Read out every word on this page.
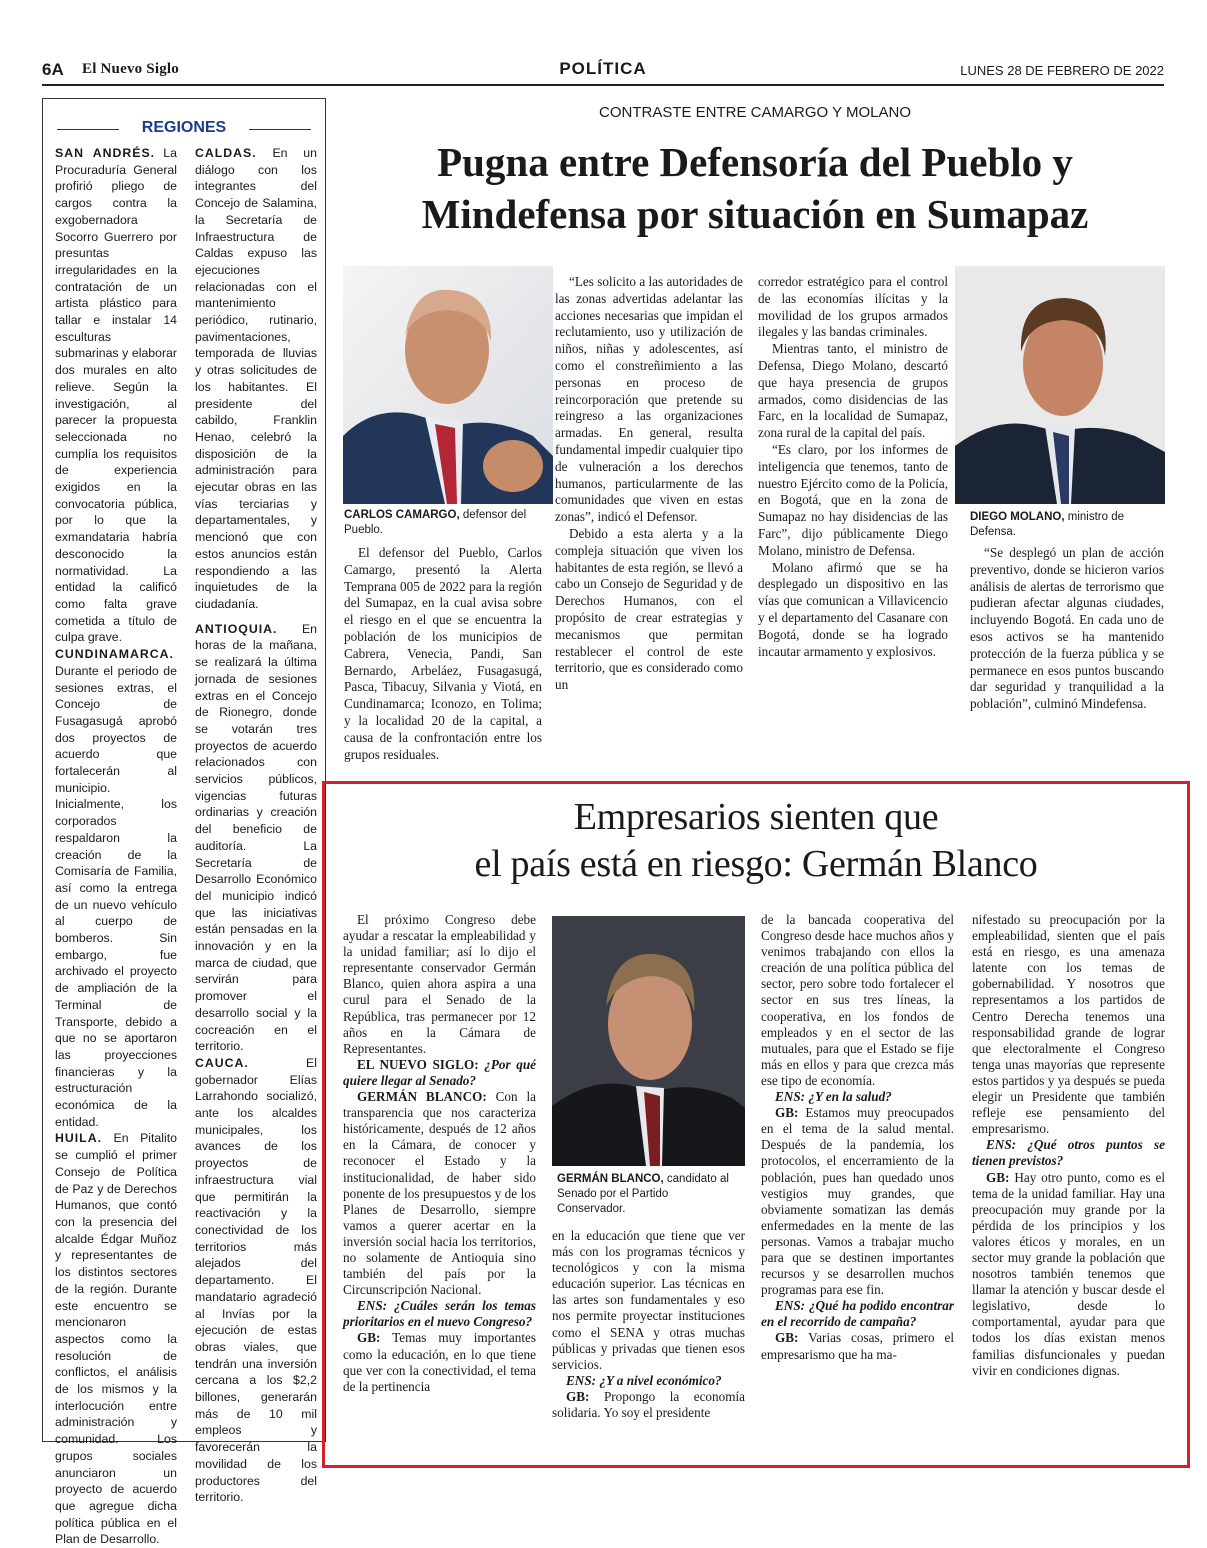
6A El Nuevo Siglo	POLÍTICA	LUNES 28 DE FEBRERO DE 2022
REGIONES

SAN ANDRÉS. La Procuraduría General profirió pliego de cargos contra la exgobernadora Socorro Guerrero por presuntas irregularidades en la contratación de un artista plástico para tallar e instalar 14 esculturas submarinas y elaborar dos murales en alto relieve. Según la investigación, al parecer la propuesta seleccionada no cumplía los requisitos de experiencia exigidos en la convocatoria pública, por lo que la exmandataria habría desconocido la normatividad. La entidad la calificó como falta grave cometida a título de culpa grave.

CUNDINAMARCA. Durante el periodo de sesiones extras, el Concejo de Fusagasugá aprobó dos proyectos de acuerdo que fortalecerán al municipio. Inicialmente, los corporados respaldaron la creación de la Comisaría de Familia, así como la entrega de un nuevo vehículo al cuerpo de bomberos. Sin embargo, fue archivado el proyecto de ampliación de la Terminal de Transporte, debido a que no se aportaron las proyecciones financieras y la estructuración económica de la entidad.

HUILA. En Pitalito se cumplió el primer Consejo de Política de Paz y de Derechos Humanos, que contó con la presencia del alcalde Édgar Muñoz y representantes de los distintos sectores de la región. Durante este encuentro se mencionaron aspectos como la resolución de conflictos, el análisis de los mismos y la interlocución entre administración y comunidad. Los grupos sociales anunciaron un proyecto de acuerdo que agregue dicha política pública en el Plan de Desarrollo.

CALDAS. En un diálogo con los integrantes del Concejo de Salamina, la Secretaría de Infraestructura de Caldas expuso las ejecuciones relacionadas con el mantenimiento periódico, rutinario, pavimentaciones, temporada de lluvias y otras solicitudes de los habitantes. El presidente del cabildo, Franklin Henao, celebró la disposición de la administración para ejecutar obras en las vías terciarias y departamentales, y mencionó que con estos anuncios están respondiendo a las inquietudes de la ciudadanía.

ANTIOQUIA. En horas de la mañana, se realizará la última jornada de sesiones extras en el Concejo de Rionegro, donde se votarán tres proyectos de acuerdo relacionados con servicios públicos, vigencias futuras ordinarias y creación del beneficio de auditoría. La Secretaría de Desarrollo Económico del municipio indicó que las iniciativas están pensadas en la innovación y en la marca de ciudad, que servirán para promover el desarrollo social y la cocreación en el territorio.

CAUCA. El gobernador Elías Larrahondo socializó, ante los alcaldes municipales, los avances de los proyectos de infraestructura vial que permitirán la reactivación y la conectividad de los territorios más alejados del departamento. El mandatario agradeció al Invías por la ejecución de estas obras viales, que tendrán una inversión cercana a los $2,2 billones, generarán más de 10 mil empleos y favorecerán la movilidad de los productores del territorio.

CONTRASTE ENTRE CAMARGO Y MOLANO
Pugna entre Defensoría del Pueblo y Mindefensa por situación en Sumapaz
CARLOS CAMARGO, defensor del Pueblo.

El defensor del Pueblo, Carlos Camargo, presentó la Alerta Temprana 005 de 2022 para la región del Sumapaz, en la cual avisa sobre el riesgo en el que se encuentra la población de los municipios de Cabrera, Venecia, Pandi, San Bernardo, Arbeláez, Fusagasugá, Pasca, Tibacuy, Silvania y Viotá, en Cundinamarca; Iconozo, en Tolima; y la localidad 20 de la capital, a causa de la confrontación entre los grupos residuales.

“Les solicito a las autoridades de las zonas advertidas adelantar las acciones necesarias que impidan el reclutamiento, uso y utilización de niños, niñas y adolescentes, así como el constreñimiento a las personas en proceso de reincorporación que pretende su reingreso a las organizaciones armadas. En general, resulta fundamental impedir cualquier tipo de vulneración a los derechos humanos, particularmente de las comunidades que viven en estas zonas”, indicó el Defensor.

Debido a esta alerta y a la compleja situación que viven los habitantes de esta región, se llevó a cabo un Consejo de Seguridad y de Derechos Humanos, con el propósito de crear estrategias y mecanismos que permitan restablecer el control de este territorio, que es considerado como un

corredor estratégico para el control de las economías ilícitas y la movilidad de los grupos armados ilegales y las bandas criminales.

Mientras tanto, el ministro de Defensa, Diego Molano, descartó que haya presencia de grupos armados, como disidencias de las Farc, en la localidad de Sumapaz, zona rural de la capital del país.

“Es claro, por los informes de inteligencia que tenemos, tanto de nuestro Ejército como de la Policía, en Bogotá, que en la zona de Sumapaz no hay disidencias de las Farc”, dijo públicamente Diego Molano, ministro de Defensa.

Molano afirmó que se ha desplegado un dispositivo en las vías que comunican a Villavicencio y el departamento del Casanare con Bogotá, donde se ha logrado incautar armamento y explosivos.

DIEGO MOLANO, ministro de Defensa.

“Se desplegó un plan de acción preventivo, donde se hicieron varios análisis de alertas de terrorismo que pudieran afectar algunas ciudades, incluyendo Bogotá. En cada uno de esos activos se ha mantenido protección de la fuerza pública y se permanece en esos puntos buscando dar seguridad y tranquilidad a la población”, culminó Mindefensa.

Empresarios sienten que
el país está en riesgo: Germán Blanco

El próximo Congreso debe ayudar a rescatar la empleabilidad y la unidad familiar; así lo dijo el representante conservador Germán Blanco, quien ahora aspira a una curul para el Senado de la República, tras permanecer por 12 años en la Cámara de Representantes.

EL NUEVO SIGLO: ¿Por qué quiere llegar al Senado?

GERMÁN BLANCO: Con la transparencia que nos caracteriza históricamente, después de 12 años en la Cámara, de conocer y reconocer el Estado y la institucionalidad, de haber sido ponente de los presupuestos y de los Planes de Desarrollo, siempre vamos a querer acertar en la inversión social hacia los territorios, no solamente de Antioquia sino también del país por la Circunscripción Nacional.

ENS: ¿Cuáles serán los temas prioritarios en el nuevo Congreso?

GB: Temas muy importantes como la educación, en lo que tiene que ver con la conectividad, el tema de la pertinencia

GERMÁN BLANCO, candidato al Senado por el Partido Conservador.

en la educación que tiene que ver más con los programas técnicos y tecnológicos y con la misma educación superior. Las técnicas en las artes son fundamentales y eso nos permite proyectar instituciones como el SENA y otras muchas públicas y privadas que tienen esos servicios.

ENS: ¿Y a nivel económico?

GB: Propongo la economía solidaria. Yo soy el presidente

de la bancada cooperativa del Congreso desde hace muchos años y venimos trabajando con ellos la creación de una política pública del sector, pero sobre todo fortalecer el sector en sus tres líneas, la cooperativa, en los fondos de empleados y en el sector de las mutuales, para que el Estado se fije más en ellos y para que crezca más ese tipo de economía.

ENS: ¿Y en la salud?

GB: Estamos muy preocupados en el tema de la salud mental. Después de la pandemia, los protocolos, el encerramiento de la población, pues han quedado unos vestigios muy grandes, que obviamente somatizan las demás enfermedades en la mente de las personas. Vamos a trabajar mucho para que se destinen importantes recursos y se desarrollen muchos programas para ese fin.

ENS: ¿Qué ha podido encontrar en el recorrido de campaña?

GB: Varias cosas, primero el empresarismo que ha ma-

nifestado su preocupación por la empleabilidad, sienten que el país está en riesgo, es una amenaza latente con los temas de gobernabilidad. Y nosotros que representamos a los partidos de Centro Derecha tenemos una responsabilidad grande de lograr que electoralmente el Congreso tenga unas mayorías que represente estos partidos y ya después se pueda elegir un Presidente que también refleje ese pensamiento del empresarismo.

ENS: ¿Qué otros puntos se tienen previstos?

GB: Hay otro punto, como es el tema de la unidad familiar. Hay una preocupación muy grande por la pérdida de los principios y los valores éticos y morales, en un sector muy grande la población que nosotros también tenemos que llamar la atención y buscar desde el legislativo, desde lo comportamental, ayudar para que todos los días existan menos familias disfuncionales y puedan vivir en condiciones dignas.
